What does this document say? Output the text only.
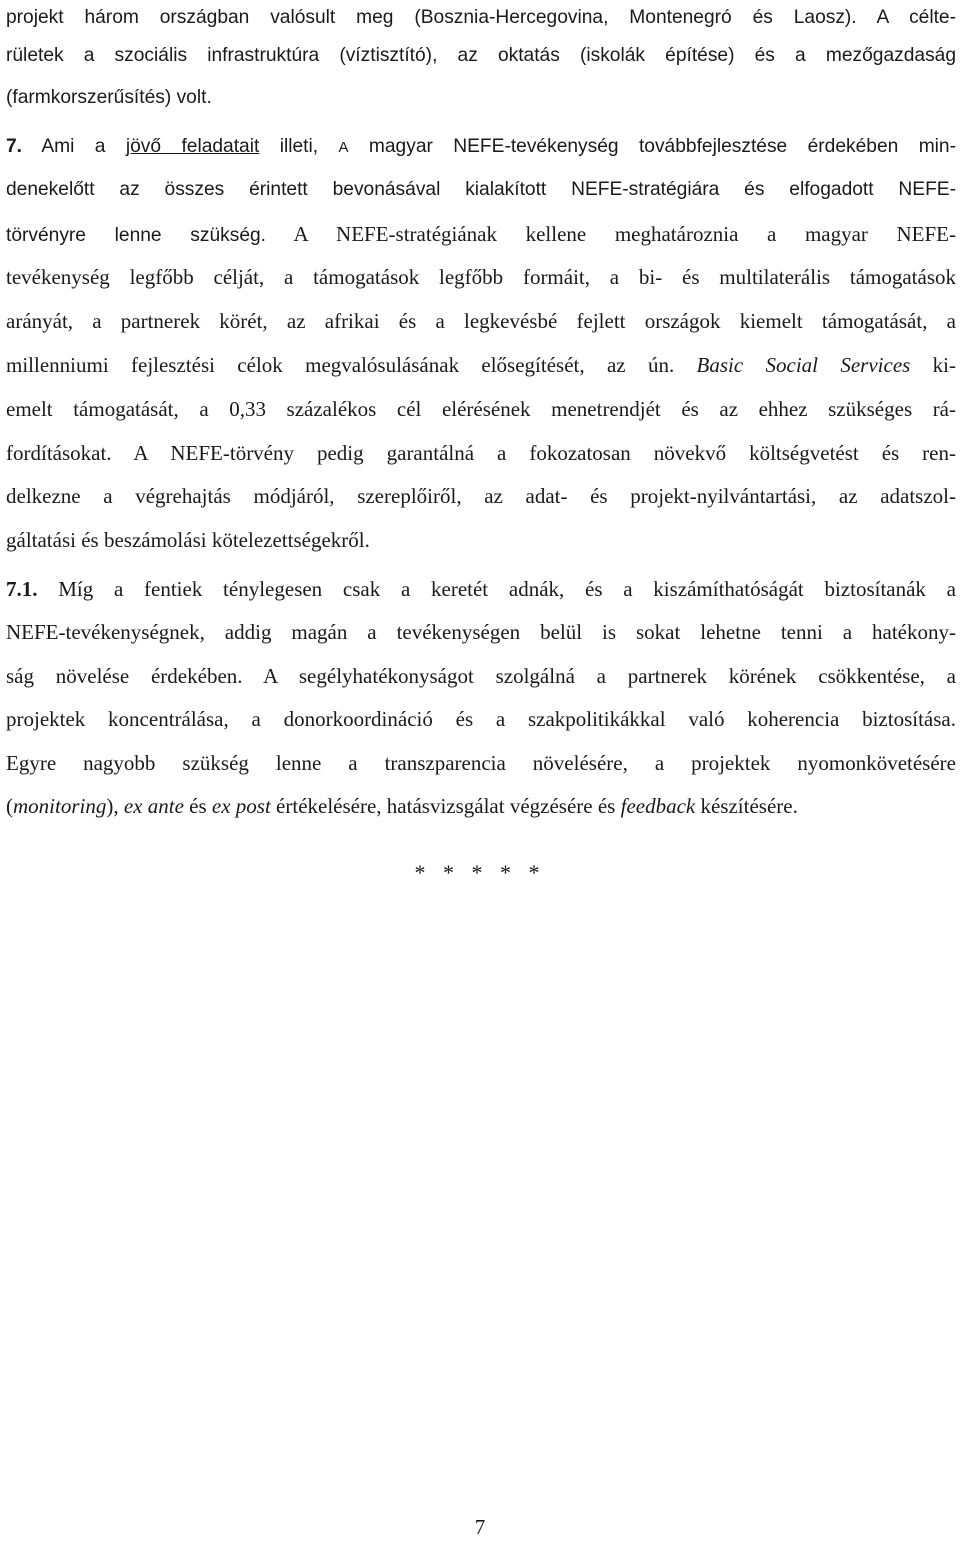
projekt három országban valósult meg (Bosznia-Hercegovina, Montenegró és Laosz). A célte-

rületek a szociális infrastruktúra (víztisztító), az oktatás (iskolák építése) és a mezőgazdaság

(farmkorszerűsítés) volt.

7. Ami a jövő feladatait illeti, A magyar NEFE-tevékenység továbbfejlesztése érdekében min-

denekelőtt az összes érintett bevonásával kialakított NEFE-stratégiára és elfogadott NEFE-

törvényre lenne szükség. A NEFE-stratégiának kellene meghatároznia a magyar NEFE-

tevékenység legfőbb célját, a támogatások legfőbb formáit, a bi- és multilaterális támogatások

arányát, a partnerek körét, az afrikai és a legkevésbé fejlett országok kiemelt támogatását, a

millenniumi fejlesztési célok megvalósulásának elősegítését, az ún. Basic Social Services ki-

emelt támogatását, a 0,33 százalékos cél elérésének menetrendjét és az ehhez szükséges rá-

fordításokat. A NEFE-törvény pedig garantálná a fokozatosan növekvő költségvetést és ren-

delkezne a végrehajtás módjáról, szereplőiről, az adat- és projekt-nyilvántartási, az adatszol-

gáltatási és beszámolási kötelezettségekről.

7.1. Míg a fentiek ténylegesen csak a keretét adnák, és a kiszámíthatóságát biztosítanák a

NEFE-tevékenységnek, addig magán a tevékenységen belül is sokat lehetne tenni a hatékony-

ság növelése érdekében. A segélyhatékonyságot szolgálná a partnerek körének csökkentése, a

projektek koncentrálása, a donorkoordináció és a szakpolitikákkal való koherencia biztosítása.

Egyre nagyobb szükség lenne a transzparencia növelésére, a projektek nyomonkövetésére

(monitoring), ex ante és ex post értékelésére, hatásvizsgálat végzésére és feedback készítésére.

* * * * *
7
